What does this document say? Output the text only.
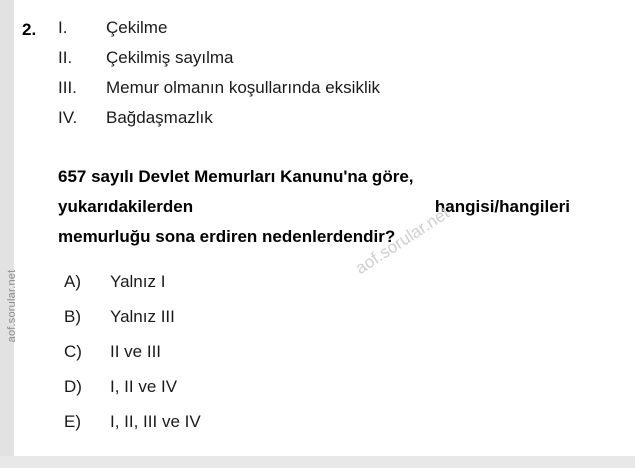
aof.sorular.net
2. I.	Çekilme
II.	Çekilmiş sayılma
III.	Memur olmanın koşullarında eksiklik
IV.	Bağdaşmazlık
657 sayılı Devlet Memurları Kanunu'na göre,
yukarıdakilerden	hangisi/hangileri
memurluğu sona erdiren nedenlerdendir?
A)	Yalnız I
B)	Yalnız III
C)	II ve III
D)	I, II ve IV
E)	I, II, III ve IV
aof.sorular.net
